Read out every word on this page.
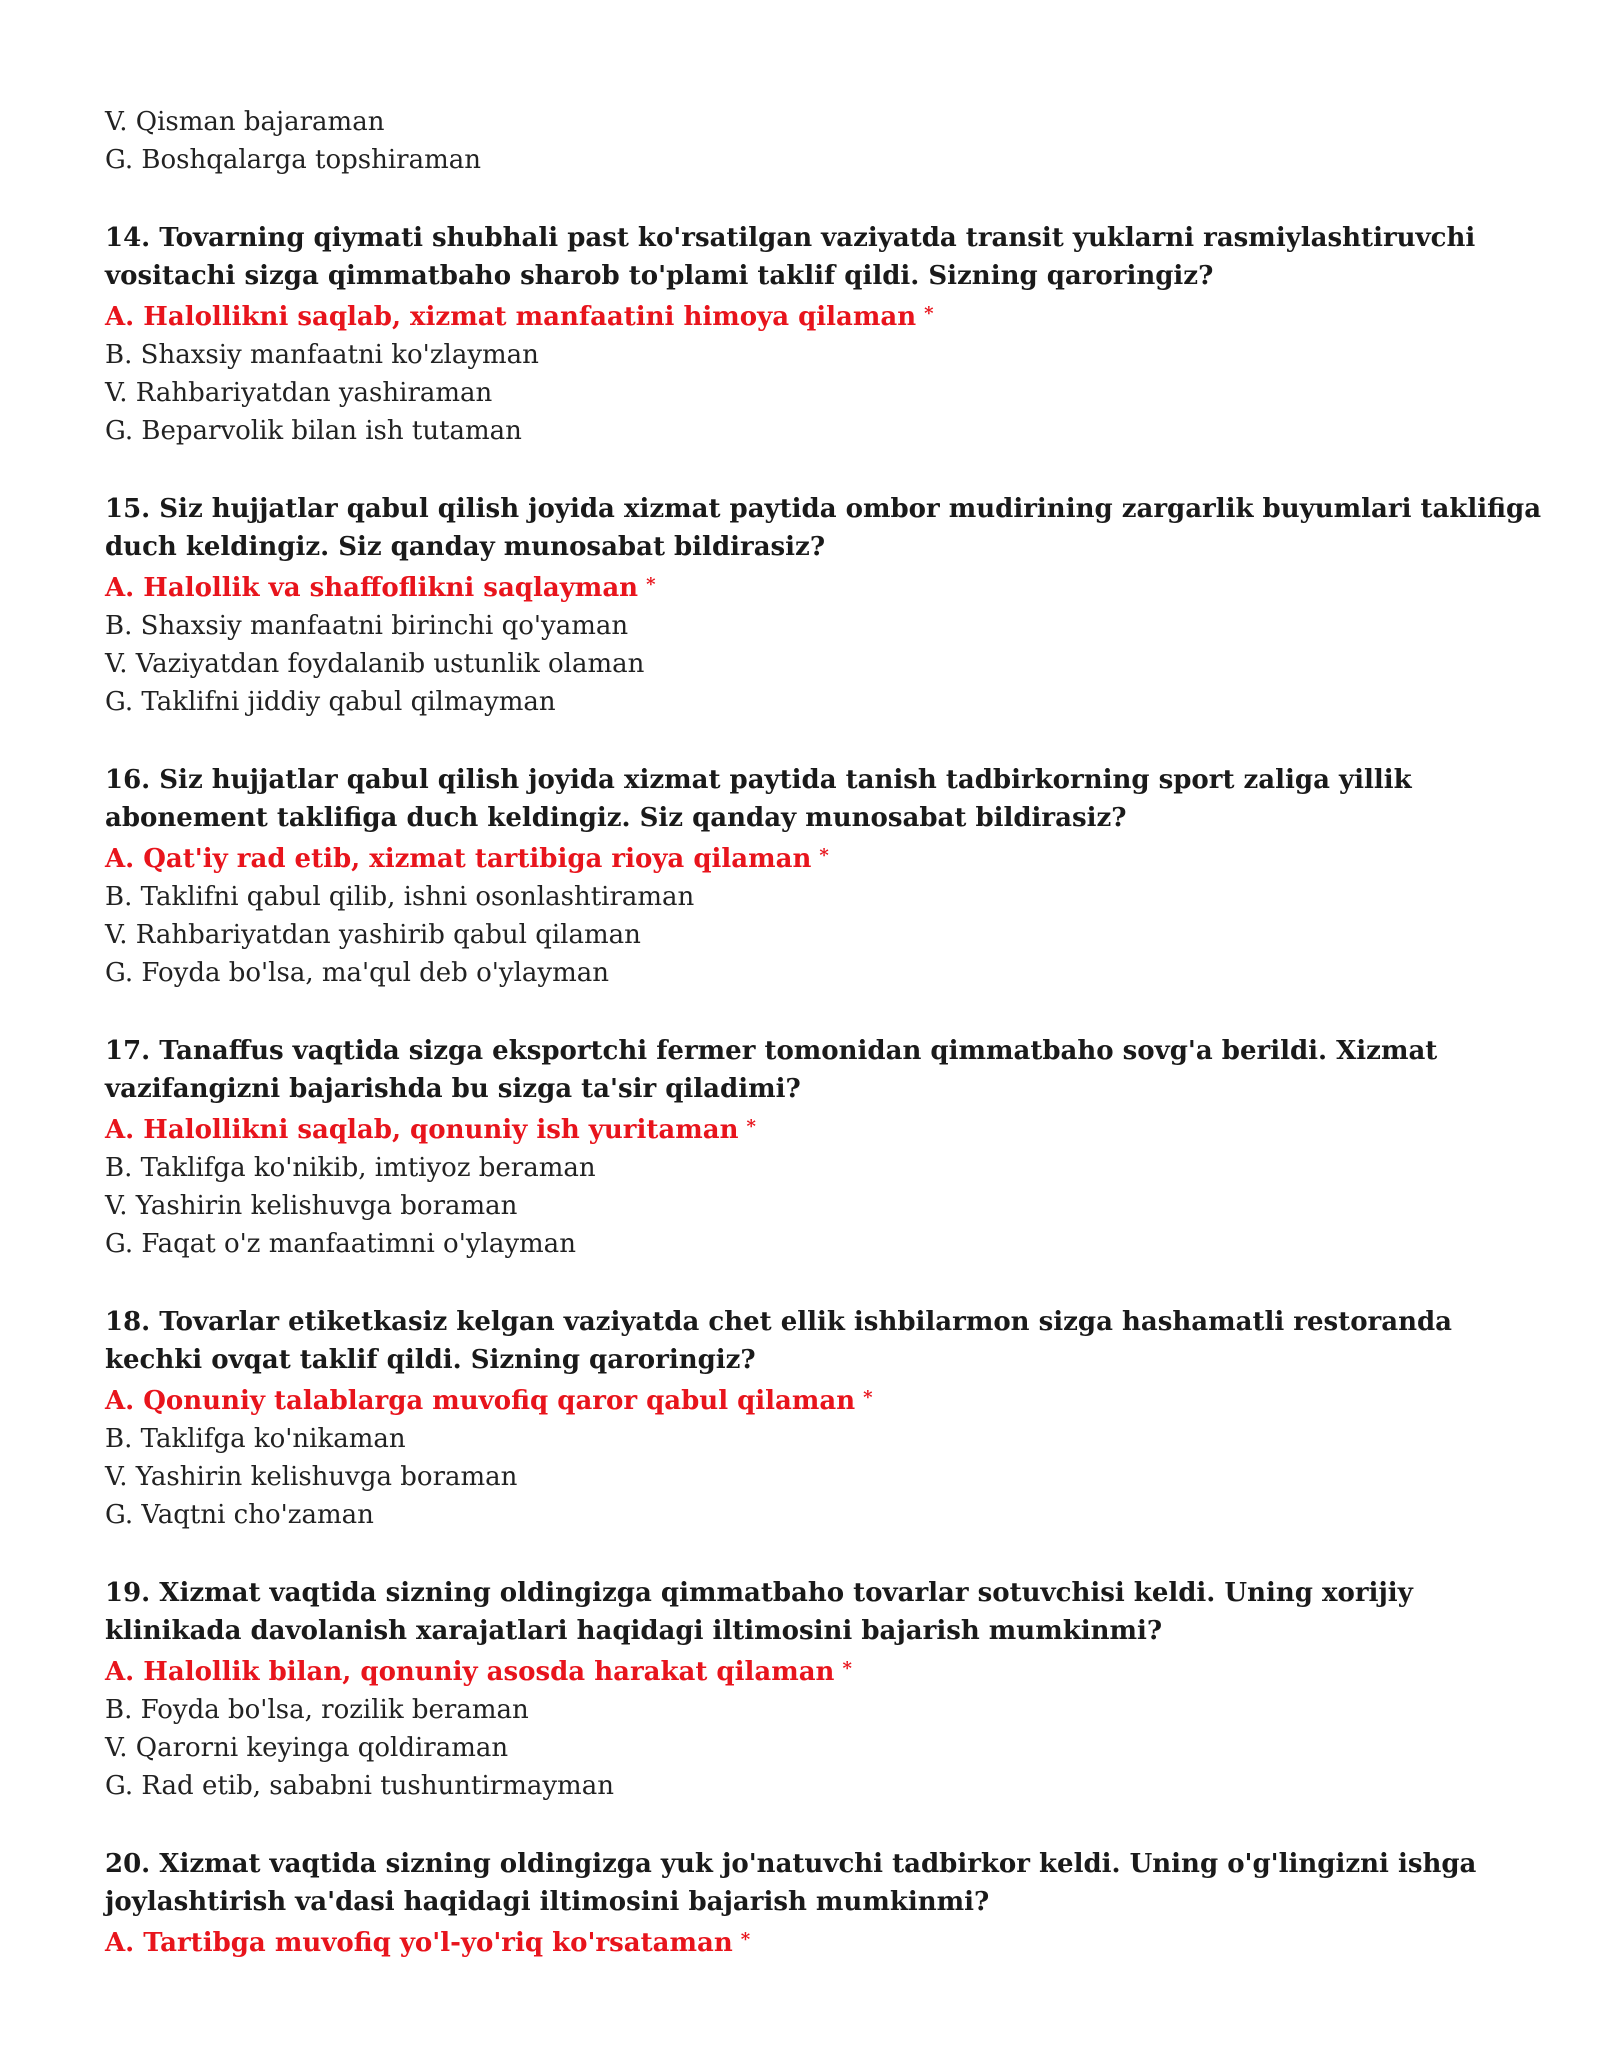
V. Qisman bajaraman
G. Boshqalarga topshiraman
14. Tovarning qiymati shubhali past ko'rsatilgan vaziyatda transit yuklarni rasmiylashtiruvchi vositachi sizga qimmatbaho sharob to'plami taklif qildi. Sizning qaroringiz?
A. Halollikni saqlab, xizmat manfaatini himoya qilaman *
B. Shaxsiy manfaatni ko'zlayman
V. Rahbariyatdan yashiraman
G. Beparvolik bilan ish tutaman
15. Siz hujjatlar qabul qilish joyida xizmat paytida ombor mudirining zargarlik buyumlari taklifiga duch keldingiz. Siz qanday munosabat bildirasiz?
A. Halollik va shaffoflikni saqlayman *
B. Shaxsiy manfaatni birinchi qo'yaman
V. Vaziyatdan foydalanib ustunlik olaman
G. Taklifni jiddiy qabul qilmayman
16. Siz hujjatlar qabul qilish joyida xizmat paytida tanish tadbirkorning sport zaliga yillik abonement taklifiga duch keldingiz. Siz qanday munosabat bildirasiz?
A. Qat'iy rad etib, xizmat tartibiga rioya qilaman *
B. Taklifni qabul qilib, ishni osonlashtiraman
V. Rahbariyatdan yashirib qabul qilaman
G. Foyda bo'lsa, ma'qul deb o'ylayman
17. Tanaffus vaqtida sizga eksportchi fermer tomonidan qimmatbaho sovg'a berildi. Xizmat vazifangizni bajarishda bu sizga ta'sir qiladimi?
A. Halollikni saqlab, qonuniy ish yuritaman *
B. Taklifga ko'nikib, imtiyoz beraman
V. Yashirin kelishuvga boraman
G. Faqat o'z manfaatimni o'ylayman
18. Tovarlar etiketkasiz kelgan vaziyatda chet ellik ishbilarmon sizga hashamatli restoranda kechki ovqat taklif qildi. Sizning qaroringiz?
A. Qonuniy talablarga muvofiq qaror qabul qilaman *
B. Taklifga ko'nikaman
V. Yashirin kelishuvga boraman
G. Vaqtni cho'zaman
19. Xizmat vaqtida sizning oldingizga qimmatbaho tovarlar sotuvchisi keldi. Uning xorijiy klinikada davolanish xarajatlari haqidagi iltimosini bajarish mumkinmi?
A. Halollik bilan, qonuniy asosda harakat qilaman *
B. Foyda bo'lsa, rozilik beraman
V. Qarorni keyinga qoldiraman
G. Rad etib, sababni tushuntirmayman
20. Xizmat vaqtida sizning oldingizga yuk jo'natuvchi tadbirkor keldi. Uning o'g'lingizni ishga joylashtirish va'dasi haqidagi iltimosini bajarish mumkinmi?
A. Tartibga muvofiq yo'l-yo'riq ko'rsataman *
